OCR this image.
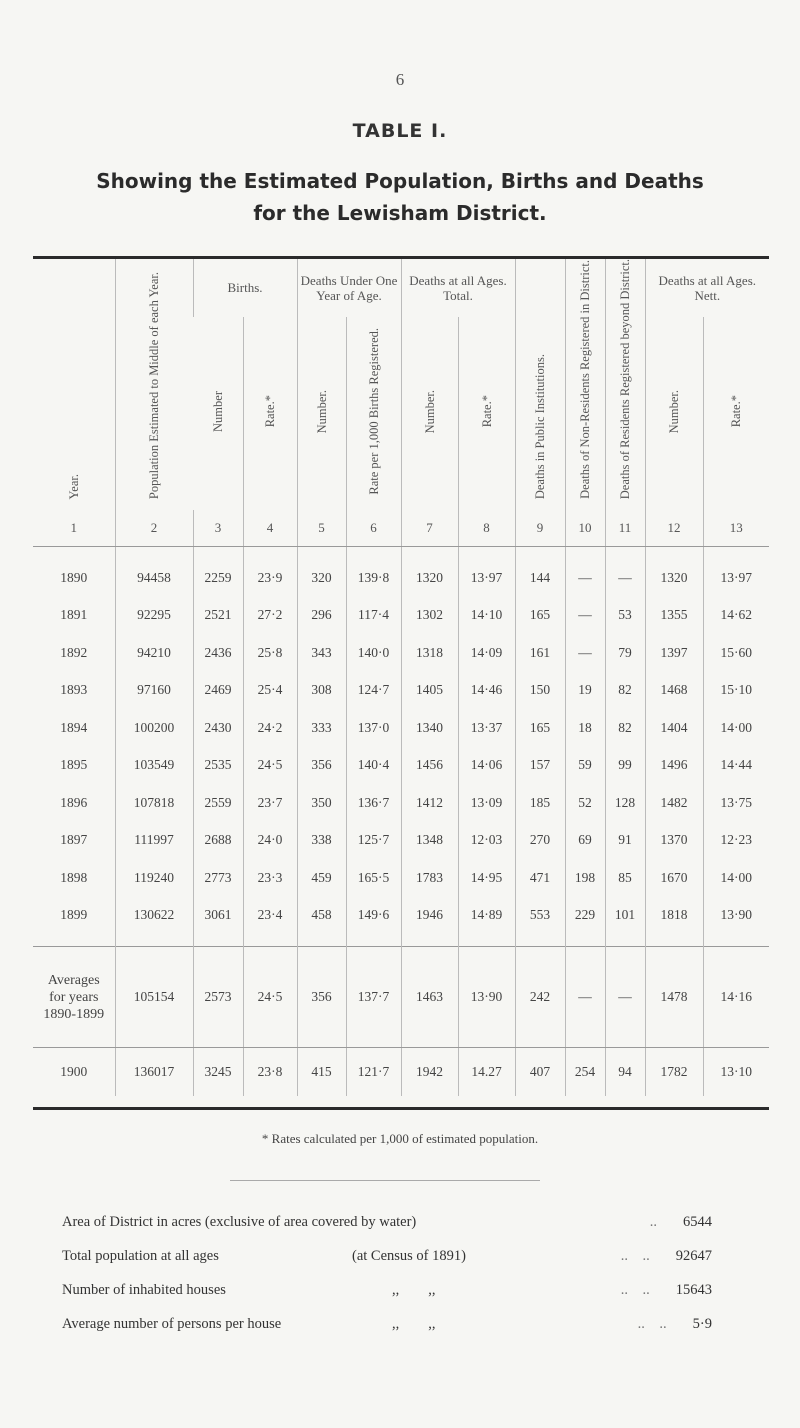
6
TABLE I.
Showing the Estimated Population, Births and Deaths
for the Lewisham District.
Year.	Population Estimated to Middle of each Year.	Births.		Deaths Under One Year of Age.		Deaths at all Ages. Total.		Deaths in Public Institutions.	Deaths of Non-Residents Registered in District.	Deaths of Residents Registered beyond District.	Deaths at all Ages. Nett.	
		Number	Rate.*	Number.	Rate per 1,000 Births Registered.	Number.	Rate.*				Number.	Rate.*
1	2	3	4	5	6	7	8	9	10	11	12	13

1890	94458	2259	23·9	320	139·8	1320	13·97	144	—	—	1320	13·97
1891	92295	2521	27·2	296	117·4	1302	14·10	165	—	53	1355	14·62
1892	94210	2436	25·8	343	140·0	1318	14·09	161	—	79	1397	15·60
1893	97160	2469	25·4	308	124·7	1405	14·46	150	19	82	1468	15·10
1894	100200	2430	24·2	333	137·0	1340	13·37	165	18	82	1404	14·00
1895	103549	2535	24·5	356	140·4	1456	14·06	157	59	99	1496	14·44
1896	107818	2559	23·7	350	136·7	1412	13·09	185	52	128	1482	13·75
1897	111997	2688	24·0	338	125·7	1348	12·03	270	69	91	1370	12·23
1898	119240	2773	23·3	459	165·5	1783	14·95	471	198	85	1670	14·00
1899	130622	3061	23·4	458	149·6	1946	14·89	553	229	101	1818	13·90

Averages
for years
1890-1899	105154	2573	24·5	356	137·7	1463	13·90	242	—	—	1478	14·16
1900	136017	3245	23·8	415	121·7	1942	14.27	407	254	94	1782	13·10
* Rates calculated per 1,000 of estimated population.
Area of District in acres (exclusive of area covered by water)	.. 6544
Total population at all ages	(at Census of 1891)	..    .. 92647
Number of inhabited houses	,,        ,,	..    .. 15643
Average number of persons per house	,,        ,,	..    .. 5·9
